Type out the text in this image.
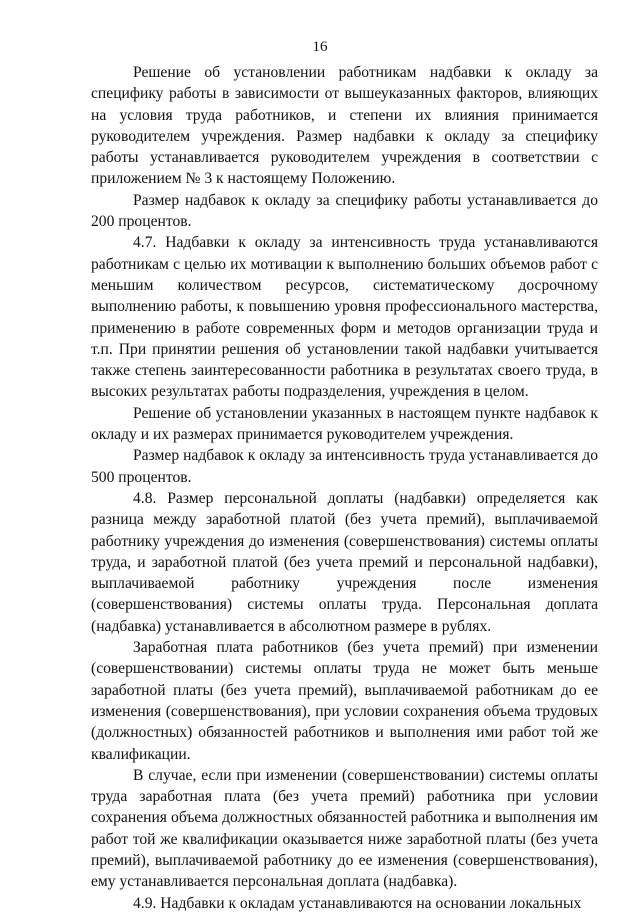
16

Решение об установлении работникам надбавки к окладу за специфику работы в зависимости от вышеуказанных факторов, влияющих на условия труда работников, и степени их влияния принимается руководителем учреждения. Размер надбавки к окладу за специфику работы устанавливается руководителем учреждения в соответствии с приложением № 3 к настоящему Положению.

Размер надбавок к окладу за специфику работы устанавливается до 200 процентов.

4.7. Надбавки к окладу за интенсивность труда устанавливаются работникам с целью их мотивации к выполнению больших объемов работ с меньшим количеством ресурсов, систематическому досрочному выполнению работы, к повышению уровня профессионального мастерства, применению в работе современных форм и методов организации труда и т.п. При принятии решения об установлении такой надбавки учитывается также степень заинтересованности работника в результатах своего труда, в высоких результатах работы подразделения, учреждения в целом.

Решение об установлении указанных в настоящем пункте надбавок к окладу и их размерах принимается руководителем учреждения.

Размер надбавок к окладу за интенсивность труда устанавливается до 500 процентов.

4.8. Размер персональной доплаты (надбавки) определяется как разница между заработной платой (без учета премий), выплачиваемой работнику учреждения до изменения (совершенствования) системы оплаты труда, и заработной платой (без учета премий и персональной надбавки), выплачиваемой работнику учреждения после изменения (совершенствования) системы оплаты труда. Персональная доплата (надбавка) устанавливается в абсолютном размере в рублях.

Заработная плата работников (без учета премий) при изменении (совершенствовании) системы оплаты труда не может быть меньше заработной платы (без учета премий), выплачиваемой работникам до ее изменения (совершенствования), при условии сохранения объема трудовых (должностных) обязанностей работников и выполнения ими работ той же квалификации.

В случае, если при изменении (совершенствовании) системы оплаты труда заработная плата (без учета премий) работника при условии сохранения объема должностных обязанностей работника и выполнения им работ той же квалификации оказывается ниже заработной платы (без учета премий), выплачиваемой работнику до ее изменения (совершенствования), ему устанавливается персональная доплата (надбавка).

4.9. Надбавки к окладам устанавливаются на основании локальных
